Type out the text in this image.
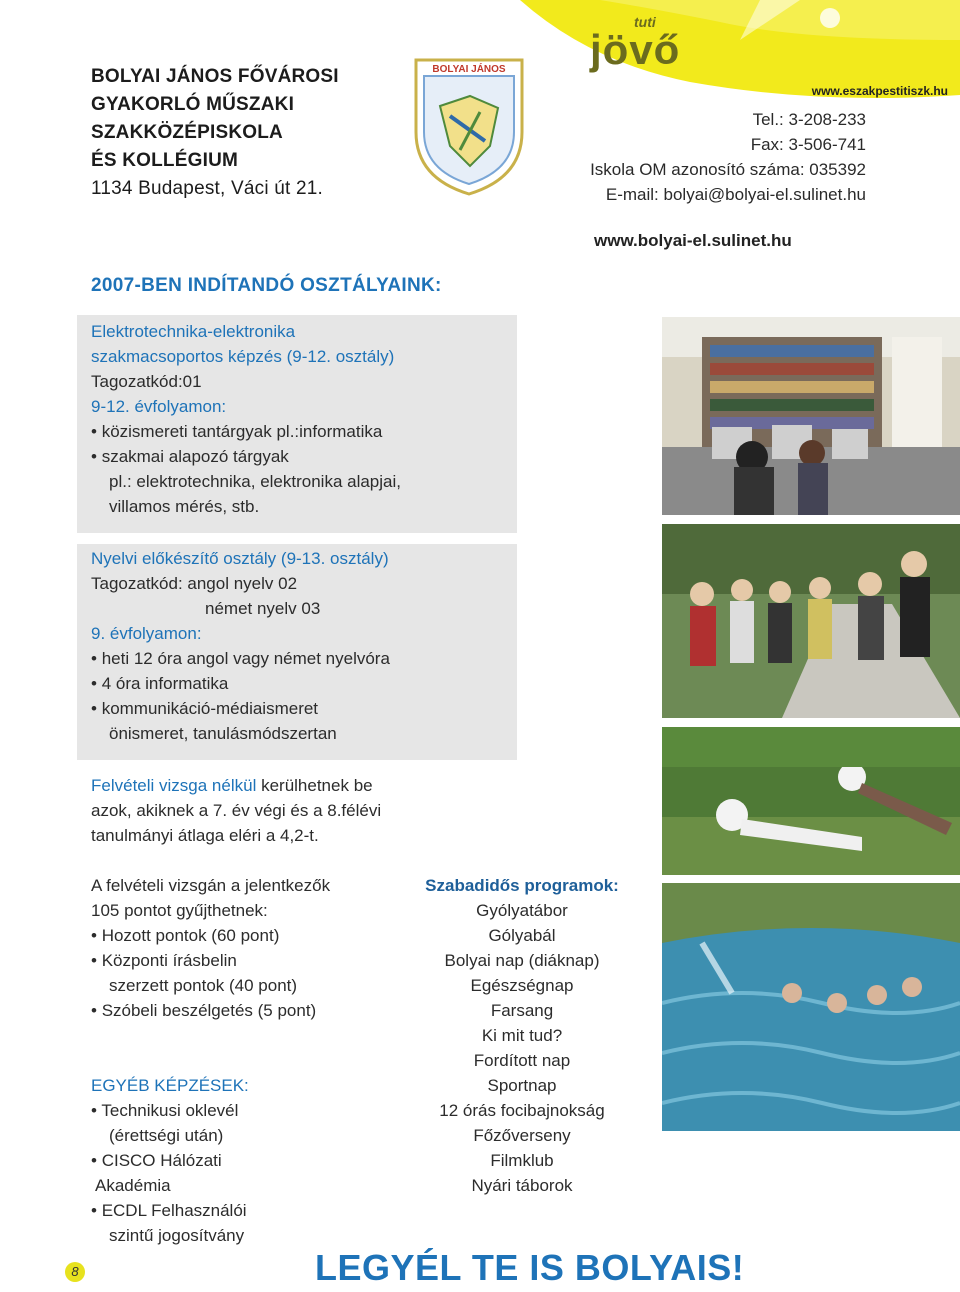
tuti
jövő
www.eszakpestitiszk.hu
BOLYAI JÁNOS FŐVÁROSI
GYAKORLÓ MŰSZAKI
SZAKKÖZÉPISKOLA
ÉS KOLLÉGIUM
1134 Budapest, Váci út 21.
BOLYAI JÁNOS
Tel.: 3-208-233
Fax: 3-506-741
Iskola OM azonosító száma: 035392
E-mail: bolyai@bolyai-el.sulinet.hu
www.bolyai-el.sulinet.hu
2007-BEN INDÍTANDÓ OSZTÁLYAINK:
Elektrotechnika-elektronika
szakmacsoportos képzés (9-12. osztály)
Tagozatkód:01
9-12. évfolyamon:
• közismereti tantárgyak pl.:informatika
• szakmai alapozó tárgyak
pl.: elektrotechnika, elektronika alapjai,
villamos mérés, stb.
Nyelvi előkészítő osztály (9-13. osztály)
Tagozatkód: angol nyelv 02
német nyelv 03
9. évfolyamon:
• heti 12 óra angol vagy német nyelvóra
• 4 óra informatika
• kommunikáció-médiaismeret
önismeret, tanulásmódszertan
Felvételi vizsga nélkül kerülhetnek be
azok, akiknek a 7. év végi és a 8.félévi
tanulmányi átlaga eléri a 4,2-t.
A felvételi vizsgán a jelentkezők
105 pontot gyűjthetnek:
• Hozott pontok (60 pont)
• Központi írásbelin
szerzett pontok (40 pont)
• Szóbeli beszélgetés (5 pont)
EGYÉB KÉPZÉSEK:
• Technikusi oklevél
(érettségi után)
• CISCO Hálózati
Akadémia
• ECDL Felhasználói
szintű jogosítvány
Szabadidős programok:
Gyólyatábor
Gólyabál
Bolyai nap (diáknap)
Egészségnap
Farsang
Ki mit tud?
Fordított nap
Sportnap
12 órás focibajnokság
Főzőverseny
Filmklub
Nyári táborok
LEGYÉL TE IS BOLYAIS!
8
